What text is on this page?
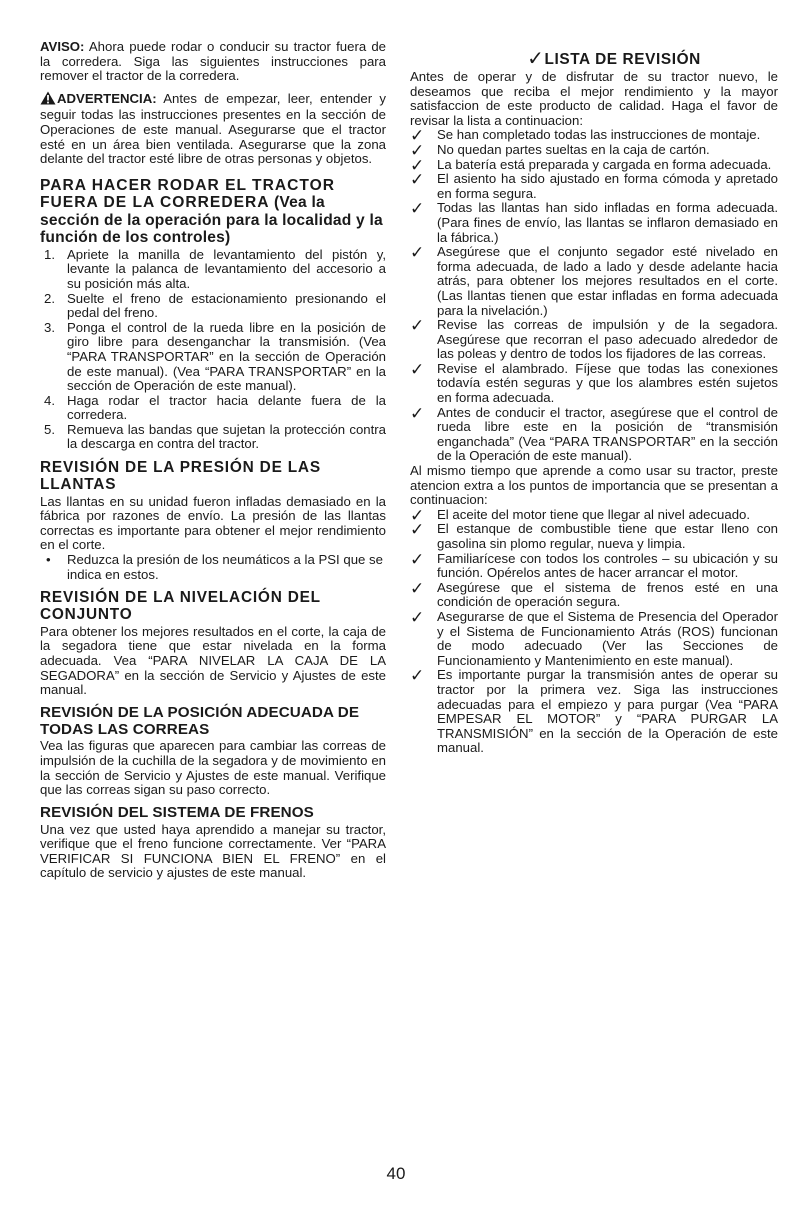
AVISO: Ahora puede rodar o conducir su tractor fuera de la corredera. Siga las siguientes instrucciones para remover el tractor de la corredera.

ADVERTENCIA: Antes de empezar, leer, entender y seguir todas las instrucciones presentes en la sección de Operaciones de este manual. Asegurarse que el tractor esté en un área bien ventilada. Asegurarse que la zona delante del tractor esté libre de otras personas y objetos.

PARA HACER RODAR EL TRACTOR FUERA DE LA CORREDERA (Vea la sección de la operación para la localidad y la función de los controles)
1. Apriete la manilla de levantamiento del pistón y, levante la palanca de levantamiento del accesorio a su posición más alta.
2. Suelte el freno de estacionamiento presionando el pedal del freno.
3. Ponga el control de la rueda libre en la posición de giro libre para desenganchar la transmisión. (Vea “PARA TRANSPORTAR” en la sección de Operación de este manual). (Vea “PARA TRANSPORTAR” en la sección de Operación de este manual).
4. Haga rodar el tractor hacia delante fuera de la corredera.
5. Remueva las bandas que sujetan la protección contra la descarga en contra del tractor.
REVISIÓN DE LA PRESIÓN DE LAS LLANTAS

Las llantas en su unidad fueron infladas demasiado en la fábrica por razones de envío. La presión de las llantas correctas es importante para obtener el mejor rendimiento en el corte.

• Reduzca la presión de los neumáticos a la PSI que se indica en estos.
REVISIÓN DE LA NIVELACIÓN DEL CONJUNTO

Para obtener los mejores resultados en el corte, la caja de la segadora tiene que estar nivelada en la forma adecuada. Vea “PARA NIVELAR LA CAJA DE LA SEGADORA” en la sección de Servicio y Ajustes de este manual.

REVISIÓN DE LA POSICIÓN ADECUADA DE TODAS LAS CORREAS

Vea las figuras que aparecen para cambiar las correas de impulsión de la cuchilla de la segadora y de movimiento en la sección de Servicio y Ajustes de este manual. Verifique que las correas sigan su paso correcto.

REVISIÓN DEL SISTEMA DE FRENOS

Una vez que usted haya aprendido a manejar su tractor, verifique que el freno funcione correctamente. Ver “PARA VERIFICAR SI FUNCIONA BIEN EL FRENO” en el capítulo de servicio y ajustes de este manual.

✓LISTA DE REVISIÓN

Antes de operar y de disfrutar de su tractor nuevo, le deseamos que reciba el mejor rendimiento y la mayor satisfaccion de este producto de calidad. Haga el favor de revisar la lista a continuacion:

✓ Se han completado todas las instrucciones de montaje.
✓ No quedan partes sueltas en la caja de cartón.
✓ La batería está preparada y cargada en forma adecuada.
✓ El asiento ha sido ajustado en forma cómoda y apretado en forma segura.
✓ Todas las llantas han sido infladas en forma adecuada. (Para fines de envío, las llantas se inflaron demasiado en la fábrica.)
✓ Asegúrese que el conjunto segador esté nivelado en forma adecuada, de lado a lado y desde adelante hacia atrás, para obtener los mejores resultados en el corte. (Las llantas tienen que estar infladas en forma adecuada para la nivelación.)
✓ Revise las correas de impulsión y de la segadora. Asegúrese que recorran el paso adecuado alrededor de las poleas y dentro de todos los fijadores de las correas.
✓ Revise el alambrado. Fíjese que todas las conexiones todavía estén seguras y que los alambres estén sujetos en forma adecuada.
✓ Antes de conducir el tractor, asegúrese que el control de rueda libre este en la posición de “transmisión enganchada” (Vea “PARA TRANSPORTAR” en la sección de la Operación de este manual).

Al mismo tiempo que aprende a como usar su tractor, preste atencion extra a los puntos de importancia que se presentan a continuacion:

✓ El aceite del motor tiene que llegar al nivel adecuado.
✓ El estanque de combustible tiene que estar lleno con gasolina sin plomo regular, nueva y limpia.
✓ Familiarícese con todos los controles – su ubicación y su función. Opérelos antes de hacer arrancar el motor.
✓ Asegúrese que el sistema de frenos esté en una condición de operación segura.
✓ Asegurarse de que el Sistema de Presencia del Operador y el Sistema de Funcionamiento Atrás (ROS) funcionan de modo adecuado (Ver las Secciones de Funcionamiento y Mantenimiento en este manual).
✓ Es importante purgar la transmisión antes de operar su tractor por la primera vez. Siga las instrucciones adecuadas para el empiezo y para purgar (Vea “PARA EMPESAR EL MOTOR” y “PARA PURGAR LA TRANSMISIÓN” en la sección de la Operación de este manual.
40
